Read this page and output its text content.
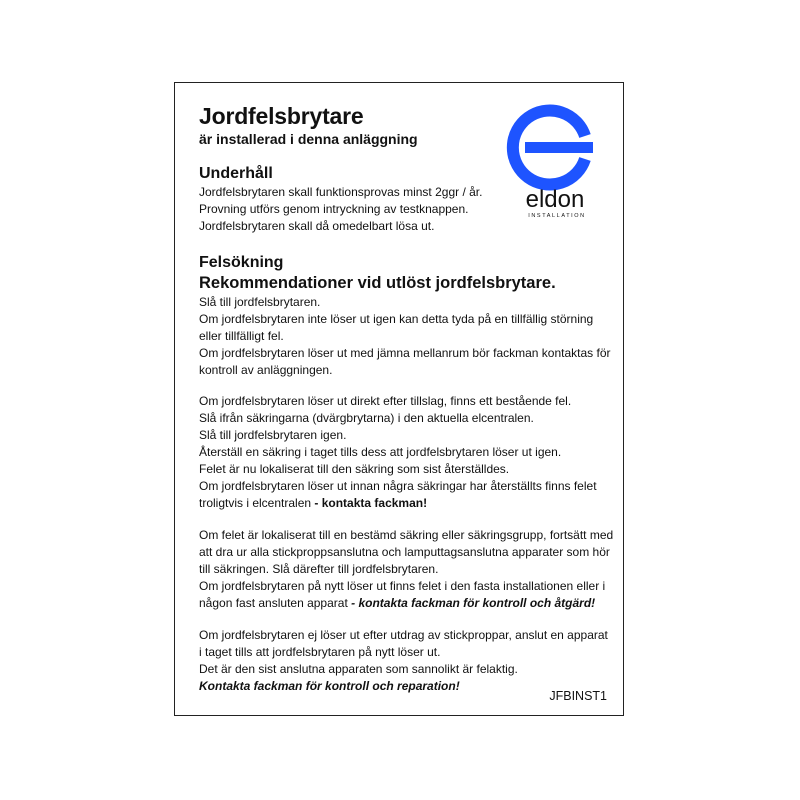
Jordfelsbrytare

är installerad i denna anläggning

eldon
INSTALLATION
Underhåll
Jordfelsbrytaren skall funktionsprovas minst 2ggr / år.
Provning utförs genom intryckning av testknappen.
Jordfelsbrytaren skall då omedelbart lösa ut.
Felsökning
Rekommendationer vid utlöst jordfelsbrytare.
Slå till jordfelsbrytaren.
Om jordfelsbrytaren inte löser ut igen kan detta tyda på en tillfällig störning
eller tillfälligt fel.
Om jordfelsbrytaren löser ut med jämna mellanrum bör fackman kontaktas för
kontroll av anläggningen.
Om jordfelsbrytaren löser ut direkt efter tillslag, finns ett bestående fel.
Slå ifrån säkringarna (dvärgbrytarna) i den aktuella elcentralen.
Slå till jordfelsbrytaren igen.
Återställ en säkring i taget tills dess att jordfelsbrytaren löser ut igen.
Felet är nu lokaliserat till den säkring som sist återställdes.
Om jordfelsbrytaren löser ut innan några säkringar har återställts finns felet
troligtvis i elcentralen - kontakta fackman!
Om felet är lokaliserat till en bestämd säkring eller säkringsgrupp, fortsätt med
att dra ur alla stickproppsanslutna och lamputtagsanslutna apparater som hör
till säkringen. Slå därefter till jordfelsbrytaren.
Om jordfelsbrytaren på nytt löser ut finns felet i den fasta installationen eller i
någon fast ansluten apparat - kontakta fackman för kontroll och åtgärd!
Om jordfelsbrytaren ej löser ut efter utdrag av stickproppar, anslut en apparat
i taget tills att jordfelsbrytaren på nytt löser ut.
Det är den sist anslutna apparaten som sannolikt är felaktig.
Kontakta fackman för kontroll och reparation!

JFBINST1
